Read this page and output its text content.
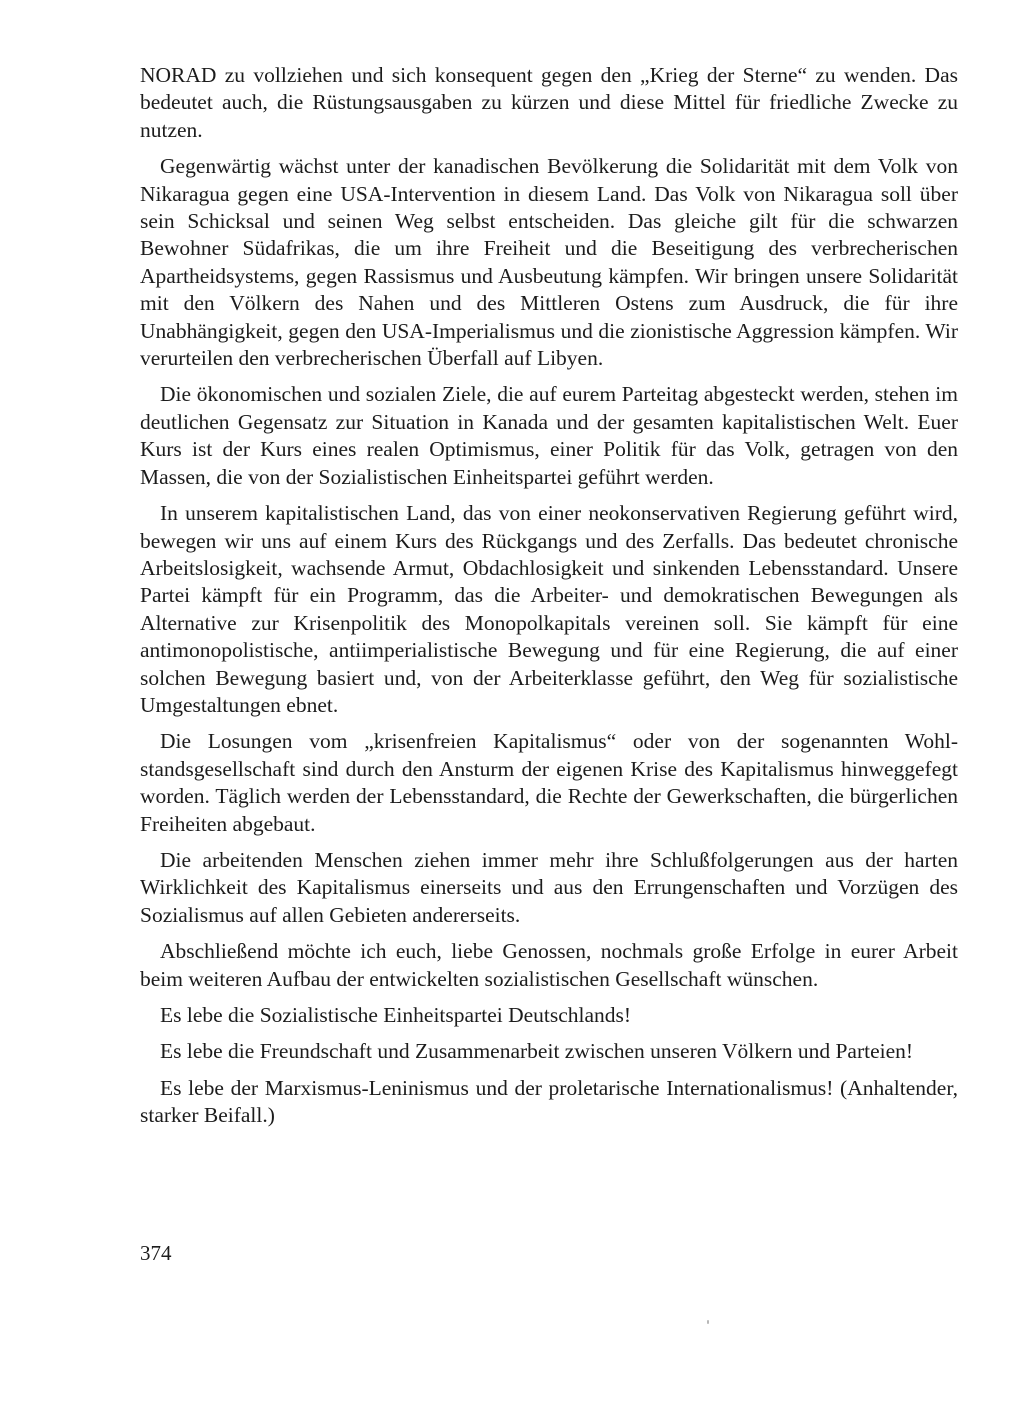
NORAD zu vollziehen und sich konsequent gegen den „Krieg der Sterne“ zu wenden. Das bedeutet auch, die Rüstungsausgaben zu kürzen und diese Mittel für friedliche Zwecke zu nutzen.

Gegenwärtig wächst unter der kanadischen Bevölkerung die Solidarität mit dem Volk von Nikaragua gegen eine USA-Intervention in diesem Land. Das Volk von Nikaragua soll über sein Schicksal und seinen Weg selbst entscheiden. Das gleiche gilt für die schwarzen Bewohner Südafrikas, die um ihre Freiheit und die Beseitigung des verbrecherischen Apartheidsystems, gegen Rassismus und Ausbeutung kämpfen. Wir bringen unsere Solidarität mit den Völkern des Nahen und des Mittleren Ostens zum Ausdruck, die für ihre Unabhängigkeit, gegen den USA-Imperialismus und die zionistische Aggression kämpfen. Wir verurteilen den verbrecherischen Überfall auf Libyen.

Die ökonomischen und sozialen Ziele, die auf eurem Parteitag abgesteckt werden, stehen im deutlichen Gegensatz zur Situation in Kanada und der gesamten kapitalistischen Welt. Euer Kurs ist der Kurs eines realen Optimismus, einer Politik für das Volk, getragen von den Massen, die von der Sozialistischen Einheitspartei geführt werden.

In unserem kapitalistischen Land, das von einer neokonservativen Regierung geführt wird, bewegen wir uns auf einem Kurs des Rückgangs und des Zerfalls. Das bedeutet chronische Arbeitslosigkeit, wachsende Armut, Obdachlosigkeit und sinkenden Lebensstandard. Unsere Partei kämpft für ein Programm, das die Arbeiter- und demokratischen Bewegungen als Alternative zur Krisenpolitik des Monopolkapitals vereinen soll. Sie kämpft für eine antimonopolistische, antiimperialistische Bewegung und für eine Regierung, die auf einer solchen Bewegung basiert und, von der Arbeiterklasse geführt, den Weg für sozialistische Umgestaltungen ebnet.

Die Losungen vom „krisenfreien Kapitalismus“ oder von der sogenannten Wohlstandsgesellschaft sind durch den Ansturm der eigenen Krise des Kapitalismus hinweggefegt worden. Täglich werden der Lebensstandard, die Rechte der Gewerkschaften, die bürgerlichen Freiheiten abgebaut.

Die arbeitenden Menschen ziehen immer mehr ihre Schlußfolgerungen aus der harten Wirklichkeit des Kapitalismus einerseits und aus den Errungenschaften und Vorzügen des Sozialismus auf allen Gebieten andererseits.

Abschließend möchte ich euch, liebe Genossen, nochmals große Erfolge in eurer Arbeit beim weiteren Aufbau der entwickelten sozialistischen Gesellschaft wünschen.

Es lebe die Sozialistische Einheitspartei Deutschlands!

Es lebe die Freundschaft und Zusammenarbeit zwischen unseren Völkern und Parteien!

Es lebe der Marxismus-Leninismus und der proletarische Internationalismus! (Anhaltender, starker Beifall.)

374
